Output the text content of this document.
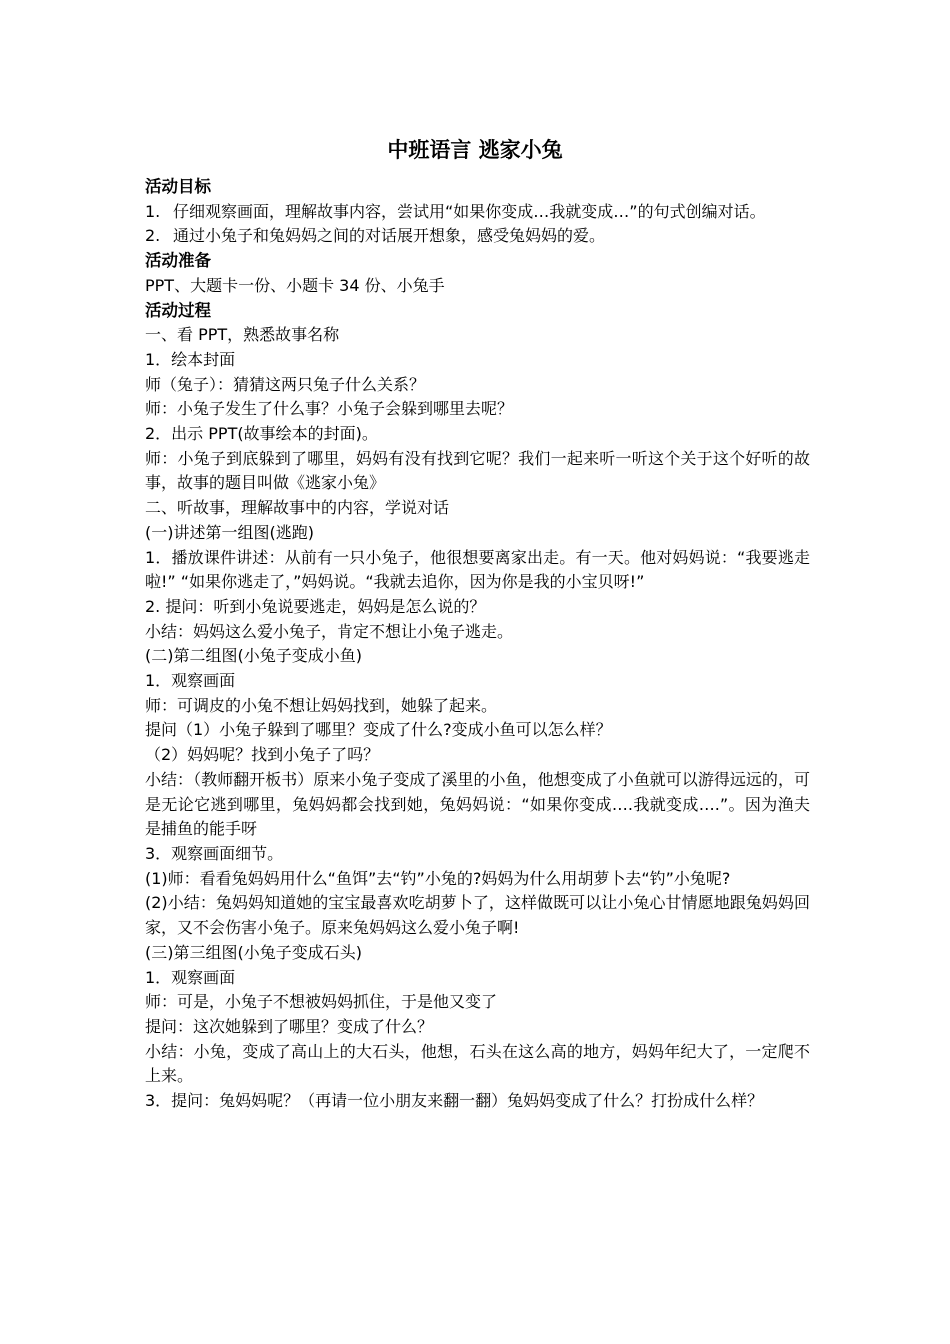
中班语言 逃家小兔

活动目标

1. 仔细观察画面，理解故事内容，尝试用“如果你变成…我就变成…”的句式创编对话。

2. 通过小兔子和兔妈妈之间的对话展开想象，感受兔妈妈的爱。

活动准备

PPT、大题卡一份、小题卡 34 份、小兔手

活动过程

一、看 PPT，熟悉故事名称

1．绘本封面

师（兔子）：猜猜这两只兔子什么关系？

师：小兔子发生了什么事？小兔子会躲到哪里去呢？

2．出示 PPT(故事绘本的封面)。

师：小兔子到底躲到了哪里，妈妈有没有找到它呢？我们一起来听一听这个关于这个好听的故事，故事的题目叫做《逃家小兔》

二、听故事，理解故事中的内容，学说对话

(一)讲述第一组图(逃跑)

1．播放课件讲述：从前有一只小兔子，他很想要离家出走。有一天。他对妈妈说：“我要逃走啦!” “如果你逃走了，”妈妈说。“我就去追你，因为你是我的小宝贝呀!”

2. 提问：听到小兔说要逃走，妈妈是怎么说的？

小结：妈妈这么爱小兔子，肯定不想让小兔子逃走。

(二)第二组图(小兔子变成小鱼)

1．观察画面

师：可调皮的小兔不想让妈妈找到，她躲了起来。

提问（1）小兔子躲到了哪里？变成了什么?变成小鱼可以怎么样？

（2）妈妈呢？找到小兔子了吗？

小结：（教师翻开板书）原来小兔子变成了溪里的小鱼，他想变成了小鱼就可以游得远远的，可是无论它逃到哪里，兔妈妈都会找到她，兔妈妈说：“如果你变成….我就变成….”。因为渔夫是捕鱼的能手呀

3．观察画面细节。

(1)师：看看兔妈妈用什么“鱼饵”去“钓”小兔的?妈妈为什么用胡萝卜去“钓”小兔呢?

(2)小结：兔妈妈知道她的宝宝最喜欢吃胡萝卜了，这样做既可以让小兔心甘情愿地跟兔妈妈回家，又不会伤害小兔子。原来兔妈妈这么爱小兔子啊!

(三)第三组图(小兔子变成石头)

1．观察画面

师：可是，小兔子不想被妈妈抓住，于是他又变了

提问：这次她躲到了哪里？变成了什么？

小结：小兔，变成了高山上的大石头，他想，石头在这么高的地方，妈妈年纪大了，一定爬不上来。

3．提问：兔妈妈呢？（再请一位小朋友来翻一翻）兔妈妈变成了什么？打扮成什么样？
